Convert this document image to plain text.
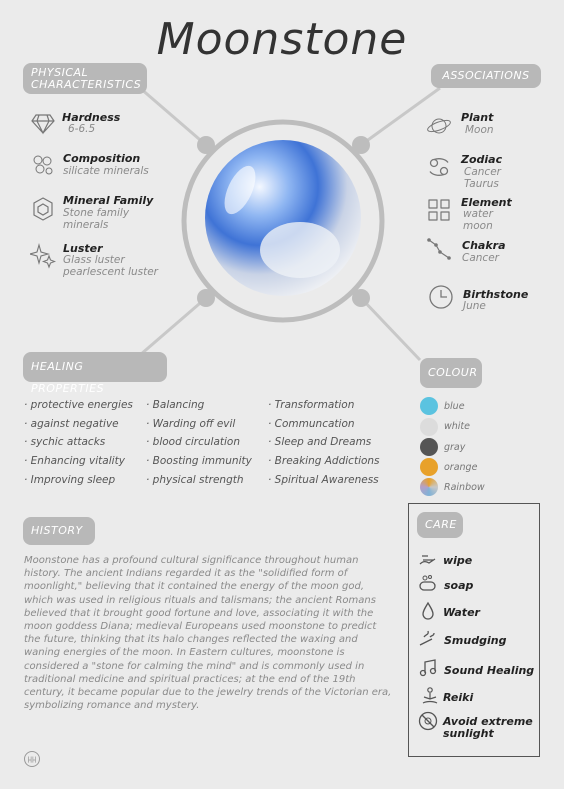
Moonstone
PHYSICAL CHARACTERISTICS
Hardness
6-6.5
Composition
silicate minerals
Mineral Family
Stone family minerals
Luster
Glass luster pearlescent luster
ASSOCIATIONS
Plant
Moon
Zodiac
Cancer Taurus
Element
water moon
Chakra
Cancer
Birthstone
June
HEALING PROPERTIES
· protective energies · Balancing	· Transformation
· against negative	· Warding off evil	· Communcation
· sychic attacks	· blood circulation	· Sleep and Dreams
· Enhancing vitality · Boosting immunity · Breaking Addictions
· Improving sleep	· physical strength · Spiritual Awareness
COLOUR
blue
white
gray
orange
Rainbow
HISTORY
Moonstone has a profound cultural significance throughout human history. The ancient Indians regarded it as the "solidified form of moonlight," believing that it contained the energy of the moon god, which was used in religious rituals and talismans; the ancient Romans believed that it brought good fortune and love, associating it with the moon goddess Diana; medieval Europeans used moonstone to predict the future, thinking that its halo changes reflected the waxing and waning energies of the moon. In Eastern cultures, moonstone is considered a "stone for calming the mind" and is commonly used in traditional medicine and spiritual practices; at the end of the 19th century, it became popular due to the jewelry trends of the Victorian era, symbolizing romance and mystery.
CARE
wipe
soap
Water
Smudging
Sound Healing
Reiki
Avoid extreme sunlight
